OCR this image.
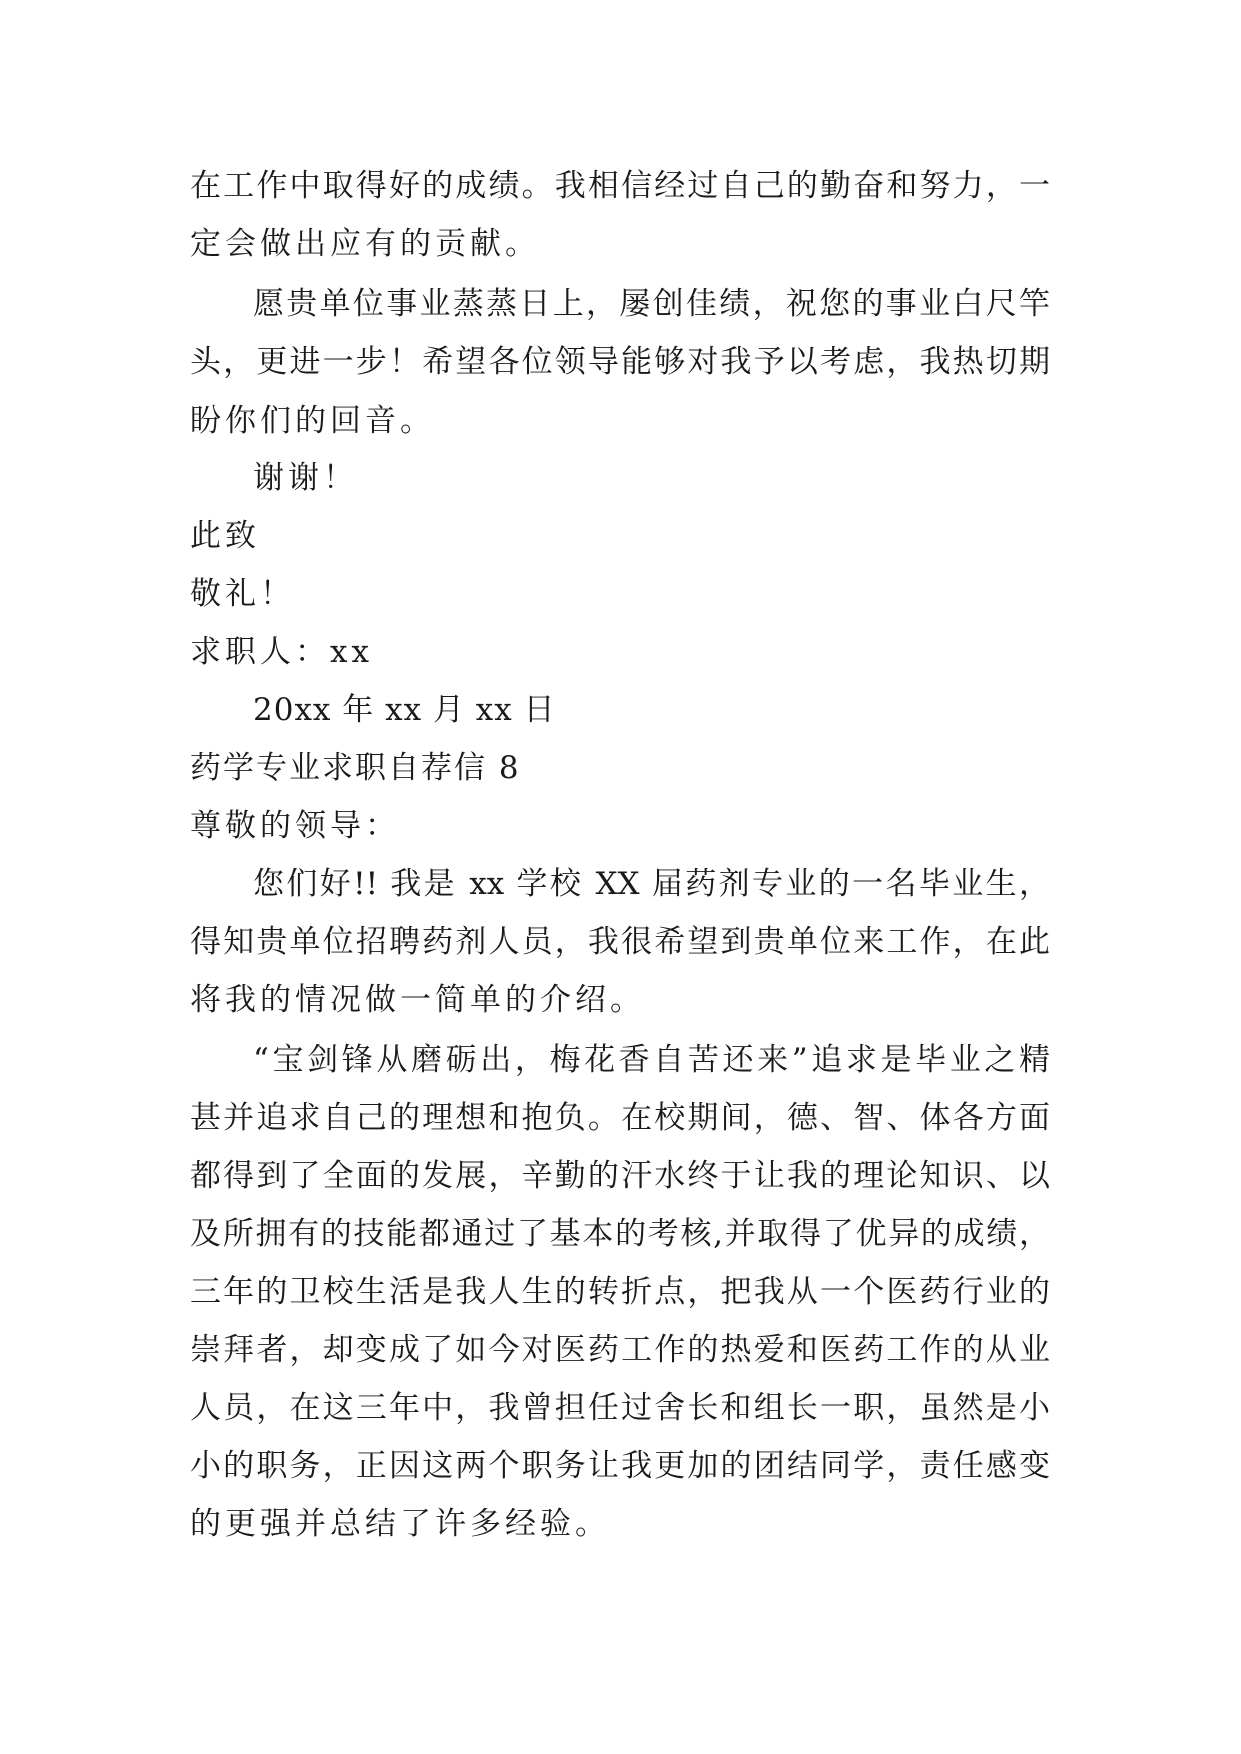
在工作中取得好的成绩。我相信经过自己的勤奋和努力，一
定会做出应有的贡献。
愿贵单位事业蒸蒸日上，屡创佳绩，祝您的事业白尺竿
头，更进一步！希望各位领导能够对我予以考虑，我热切期
盼你们的回音。
谢谢！
此致
敬礼！
求职人：xx
20xx 年 xx 月 xx 日
药学专业求职自荐信 8
尊敬的领导：
您们好!! 我是 xx 学校 XX 届药剂专业的一名毕业生，
得知贵单位招聘药剂人员，我很希望到贵单位来工作，在此
将我的情况做一简单的介绍。
“宝剑锋从磨砺出，梅花香自苦还来”追求是毕业之精
甚并追求自己的理想和抱负。在校期间，德、智、体各方面
都得到了全面的发展，辛勤的汗水终于让我的理论知识、以
及所拥有的技能都通过了基本的考核,并取得了优异的成绩，
三年的卫校生活是我人生的转折点，把我从一个医药行业的
崇拜者，却变成了如今对医药工作的热爱和医药工作的从业
人员，在这三年中，我曾担任过舍长和组长一职，虽然是小
小的职务，正因这两个职务让我更加的团结同学，责任感变
的更强并总结了许多经验。
